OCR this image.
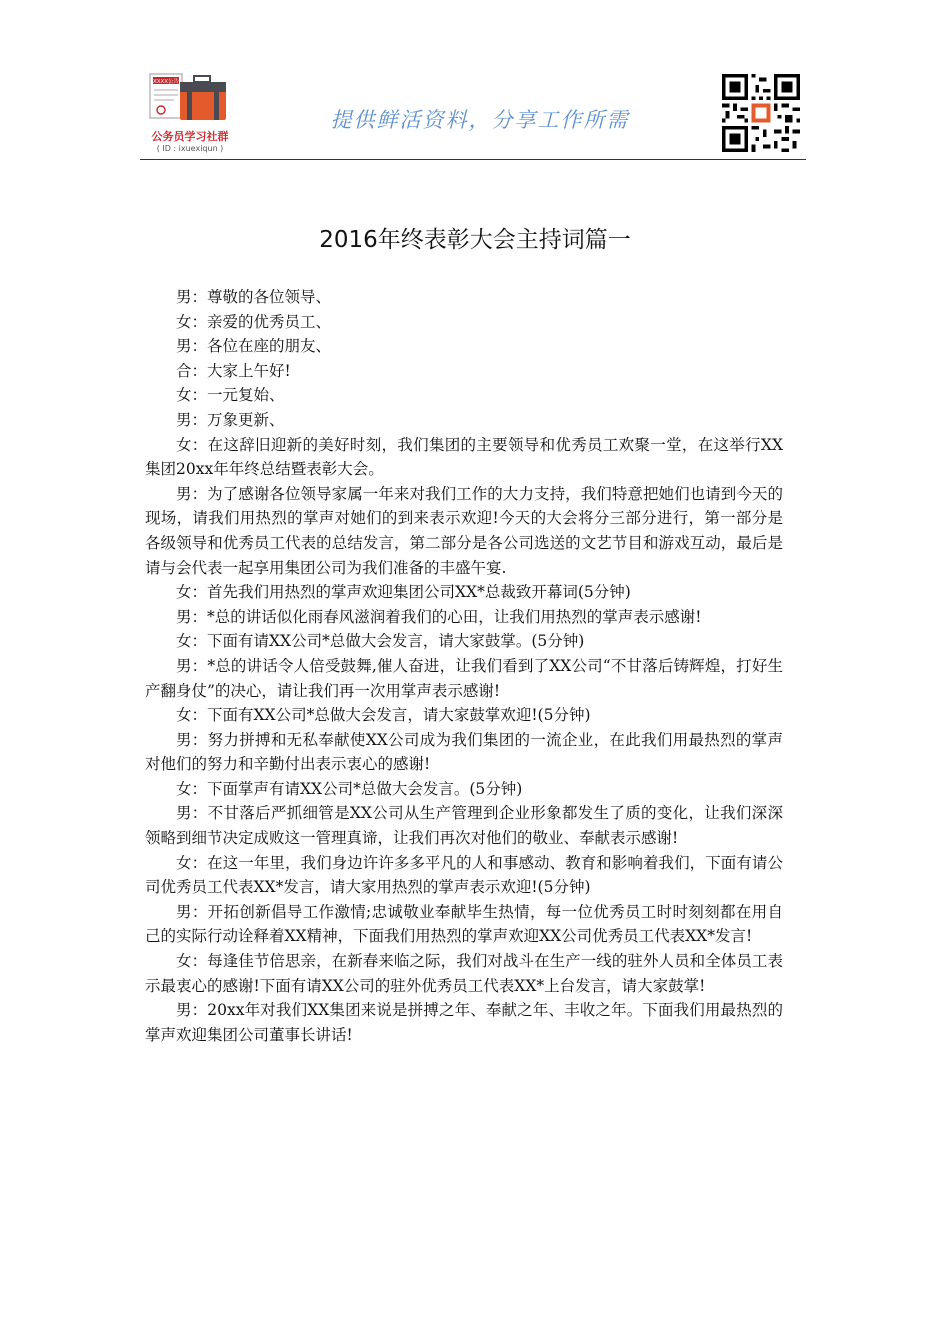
XXXX公告
公务员学习社群
( ID : ixuexiqun )
提供鲜活资料，分享工作所需
2016年终表彰大会主持词篇一

男：尊敬的各位领导、

女：亲爱的优秀员工、

男：各位在座的朋友、

合：大家上午好!

女：一元复始、

男：万象更新、

女：在这辞旧迎新的美好时刻，我们集团的主要领导和优秀员工欢聚一堂，在这举行XX集团20xx年年终总结暨表彰大会。

男：为了感谢各位领导家属一年来对我们工作的大力支持，我们特意把她们也请到今天的现场，请我们用热烈的掌声对她们的到来表示欢迎!今天的大会将分三部分进行，第一部分是各级领导和优秀员工代表的总结发言，第二部分是各公司选送的文艺节目和游戏互动，最后是请与会代表一起享用集团公司为我们准备的丰盛午宴.

女：首先我们用热烈的掌声欢迎集团公司XX*总裁致开幕词(5分钟)

男：*总的讲话似化雨春风滋润着我们的心田，让我们用热烈的掌声表示感谢!

女：下面有请XX公司*总做大会发言，请大家鼓掌。(5分钟)

男：*总的讲话令人倍受鼓舞,催人奋进，让我们看到了XX公司“不甘落后铸辉煌，打好生产翻身仗”的决心，请让我们再一次用掌声表示感谢!

女：下面有XX公司*总做大会发言，请大家鼓掌欢迎!(5分钟)

男：努力拼搏和无私奉献使XX公司成为我们集团的一流企业，在此我们用最热烈的掌声对他们的努力和辛勤付出表示衷心的感谢!

女：下面掌声有请XX公司*总做大会发言。(5分钟)

男：不甘落后严抓细管是XX公司从生产管理到企业形象都发生了质的变化，让我们深深领略到细节决定成败这一管理真谛，让我们再次对他们的敬业、奉献表示感谢!

女：在这一年里，我们身边许许多多平凡的人和事感动、教育和影响着我们，下面有请公司优秀员工代表XX*发言，请大家用热烈的掌声表示欢迎!(5分钟)

男：开拓创新倡导工作激情;忠诚敬业奉献毕生热情，每一位优秀员工时时刻刻都在用自己的实际行动诠释着XX精神，下面我们用热烈的掌声欢迎XX公司优秀员工代表XX*发言!

女：每逢佳节倍思亲，在新春来临之际，我们对战斗在生产一线的驻外人员和全体员工表示最衷心的感谢!下面有请XX公司的驻外优秀员工代表XX*上台发言，请大家鼓掌!

男：20xx年对我们XX集团来说是拼搏之年、奉献之年、丰收之年。下面我们用最热烈的掌声欢迎集团公司董事长讲话!
